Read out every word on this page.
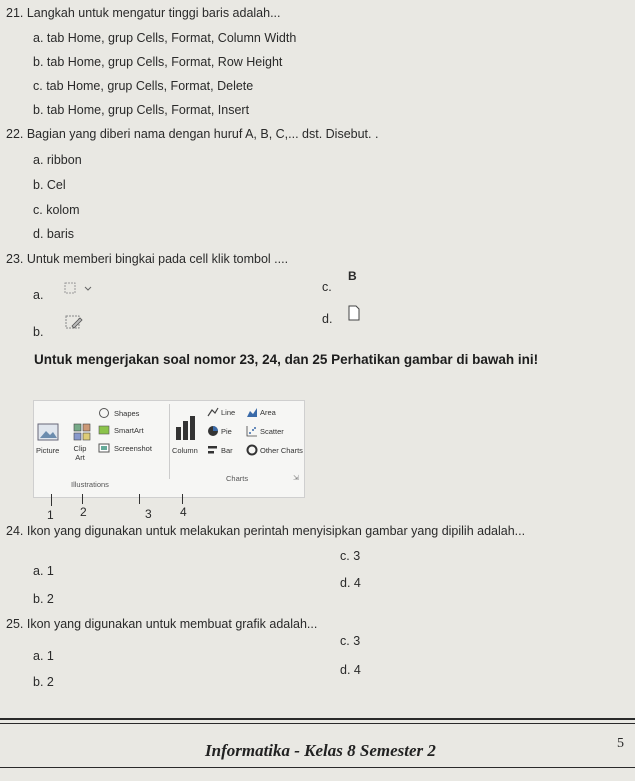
21. Langkah untuk mengatur tinggi baris adalah...
a. tab Home, grup Cells, Format, Column Width
b. tab Home, grup Cells, Format, Row Height
c. tab Home, grup Cells, Format, Delete
b. tab Home, grup Cells, Format, Insert
22. Bagian yang diberi nama dengan huruf A, B, C,... dst. Disebut. .
a. ribbon
b. Cel
c. kolom
d. baris
23. Untuk memberi bingkai pada cell klik tombol ....
a.
b.
c.
B
d.
Untuk mengerjakan soal nomor 23, 24, dan 25 Perhatikan gambar di bawah ini!
Picture Clip Art
Shapes
SmartArt
Screenshot	Column
Line	Area
Pie	Scatter
Bar	Other Charts
Illustrations
Charts	⇲
1 2	3 4
24. Ikon yang digunakan untuk melakukan perintah menyisipkan gambar yang dipilih adalah...
a. 1
b. 2
c. 3
d. 4
25. Ikon yang digunakan untuk membuat grafik adalah...
a. 1
b. 2
c. 3
d. 4
Informatika - Kelas 8 Semester 2	5
